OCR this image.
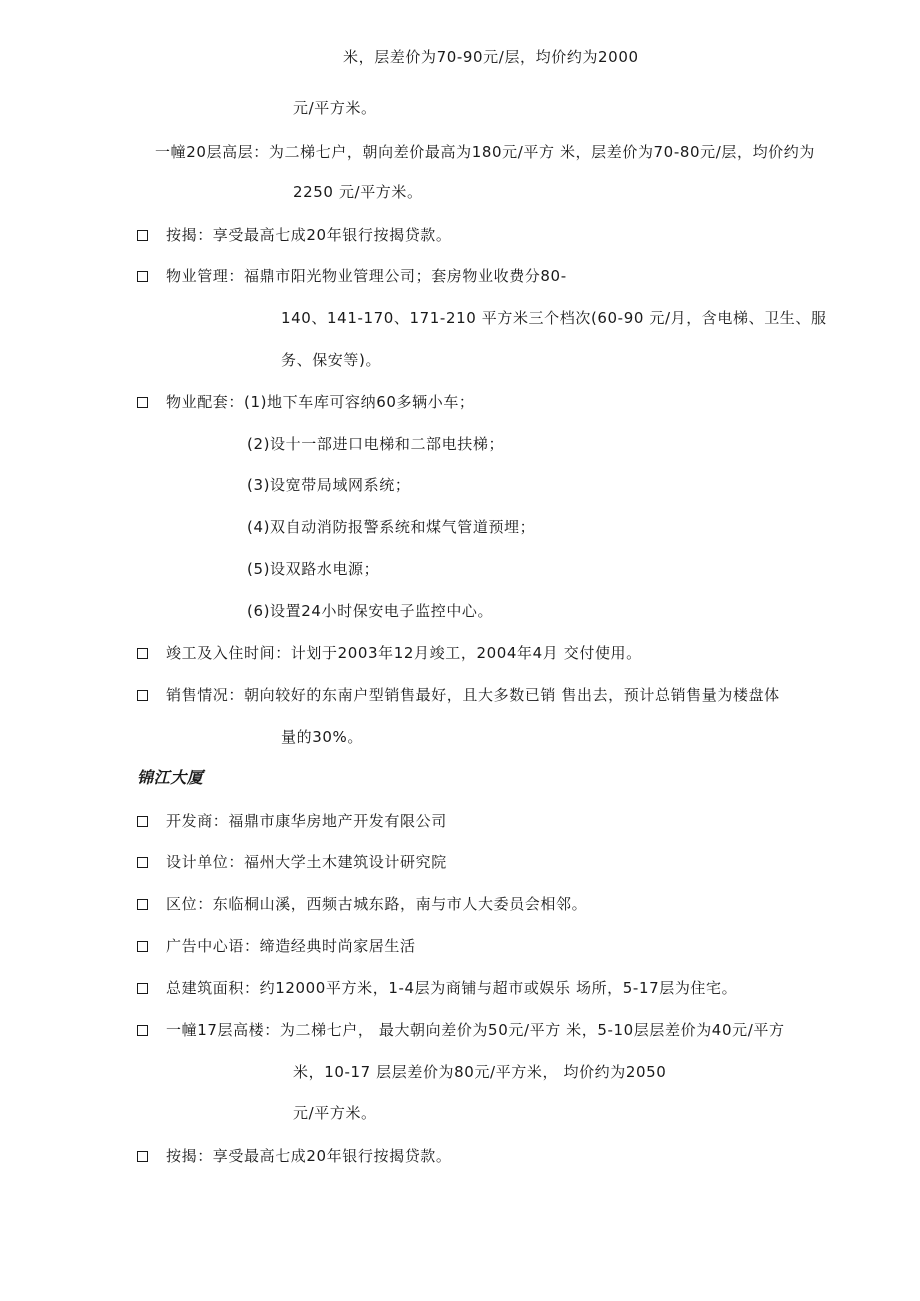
米，层差价为70-90元/层，均价约为2000
元/平方米。
一幢20层高层：为二梯七户，朝向差价最高为180元/平方 米，层差价为70-80元/层，均价约为
2250 元/平方米。
按揭：享受最高七成20年银行按揭贷款。
物业管理：福鼎市阳光物业管理公司；套房物业收费分80-
140、141-170、171-210 平方米三个档次(60-90 元/月，含电梯、卫生、服
务、保安等)。
物业配套：(1)地下车库可容纳60多辆小车；
(2)设十一部进口电梯和二部电扶梯；
(3)设宽带局域网系统；
(4)双自动消防报警系统和煤气管道预埋；
(5)设双路水电源；
(6)设置24小时保安电子监控中心。
竣工及入住时间：计划于2003年12月竣工，2004年4月 交付使用。
销售情况：朝向较好的东南户型销售最好，且大多数已销 售出去，预计总销售量为楼盘体
量的30%。
锦江大厦
开发商：福鼎市康华房地产开发有限公司
设计单位：福州大学土木建筑设计研究院
区位：东临桐山溪，西频古城东路，南与市人大委员会相邻。
广告中心语：缔造经典时尚家居生活
总建筑面积：约12000平方米，1-4层为商铺与超市或娱乐 场所，5-17层为住宅。
一幢17层高楼：为二梯七户， 最大朝向差价为50元/平方 米，5-10层层差价为40元/平方
米，10-17 层层差价为80元/平方米， 均价约为2050
元/平方米。
按揭：享受最高七成20年银行按揭贷款。
